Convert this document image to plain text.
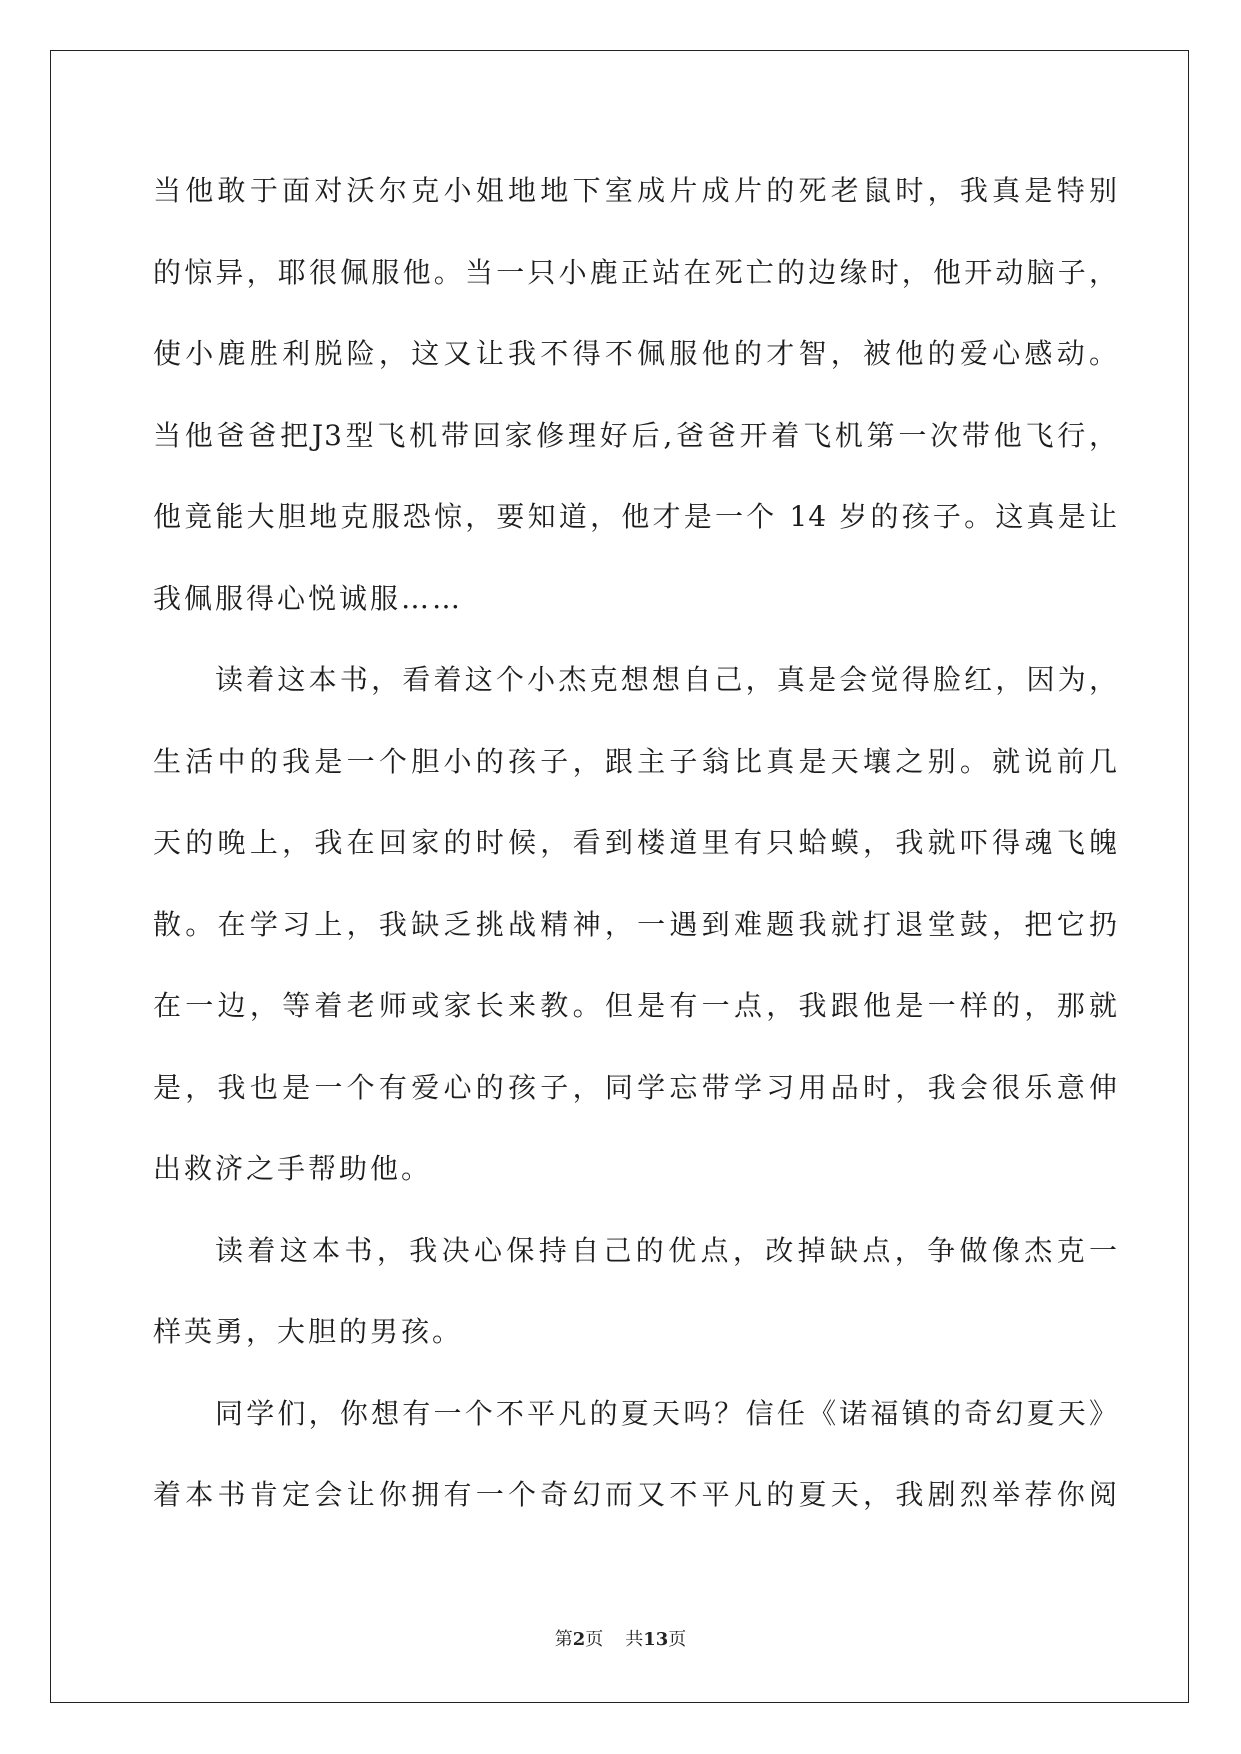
当他敢于面对沃尔克小姐地地下室成片成片的死老鼠时，我真是特别
的惊异，耶很佩服他。当一只小鹿正站在死亡的边缘时，他开动脑子，
使小鹿胜利脱险，这又让我不得不佩服他的才智，被他的爱心感动。
当他爸爸把J3型飞机带回家修理好后,爸爸开着飞机第一次带他飞行，
他竟能大胆地克服恐惊，要知道，他才是一个 14 岁的孩子。这真是让
我佩服得心悦诚服……
读着这本书，看着这个小杰克想想自己，真是会觉得脸红，因为，
生活中的我是一个胆小的孩子，跟主子翁比真是天壤之别。就说前几
天的晚上，我在回家的时候，看到楼道里有只蛤蟆，我就吓得魂飞魄
散。在学习上，我缺乏挑战精神，一遇到难题我就打退堂鼓，把它扔
在一边，等着老师或家长来教。但是有一点，我跟他是一样的，那就
是，我也是一个有爱心的孩子，同学忘带学习用品时，我会很乐意伸
出救济之手帮助他。
读着这本书，我决心保持自己的优点，改掉缺点，争做像杰克一
样英勇，大胆的男孩。
同学们，你想有一个不平凡的夏天吗？信任《诺福镇的奇幻夏天》
着本书肯定会让你拥有一个奇幻而又不平凡的夏天，我剧烈举荐你阅
第2页 共13页
